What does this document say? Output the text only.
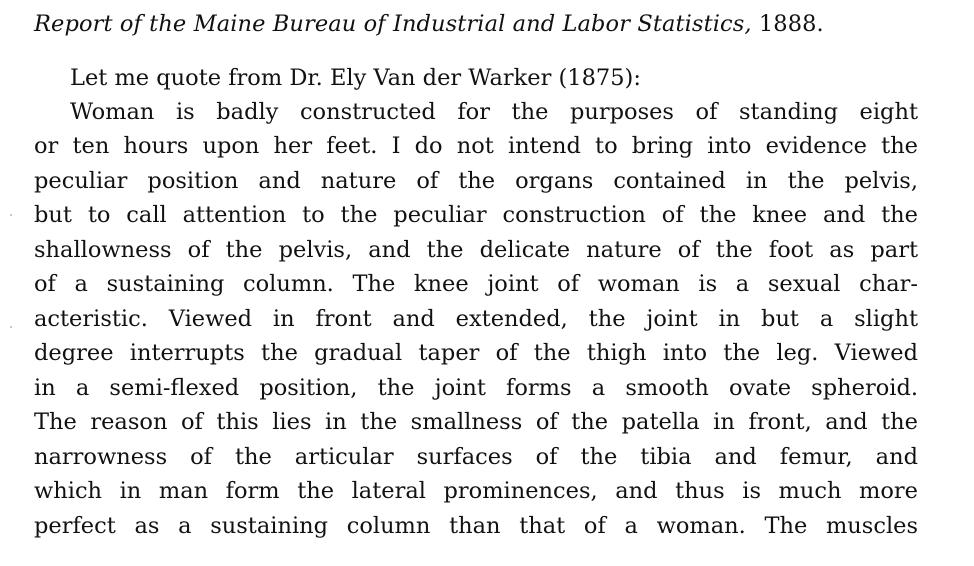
Report of the Maine Bureau of Industrial and Labor Statistics, 1888.
Let me quote from Dr. Ely Van der Warker (1875):
Woman is badly constructed for the purposes of standing eight
or ten hours upon her feet. I do not intend to bring into evidence the
peculiar position and nature of the organs contained in the pelvis,
but to call attention to the peculiar construction of the knee and the
shallowness of the pelvis, and the delicate nature of the foot as part
of a sustaining column. The knee joint of woman is a sexual char-
acteristic. Viewed in front and extended, the joint in but a slight
degree interrupts the gradual taper of the thigh into the leg. Viewed
in a semi-flexed position, the joint forms a smooth ovate spheroid.
The reason of this lies in the smallness of the patella in front, and the
narrowness of the articular surfaces of the tibia and femur, and
which in man form the lateral prominences, and thus is much more
perfect as a sustaining column than that of a woman. The muscles
